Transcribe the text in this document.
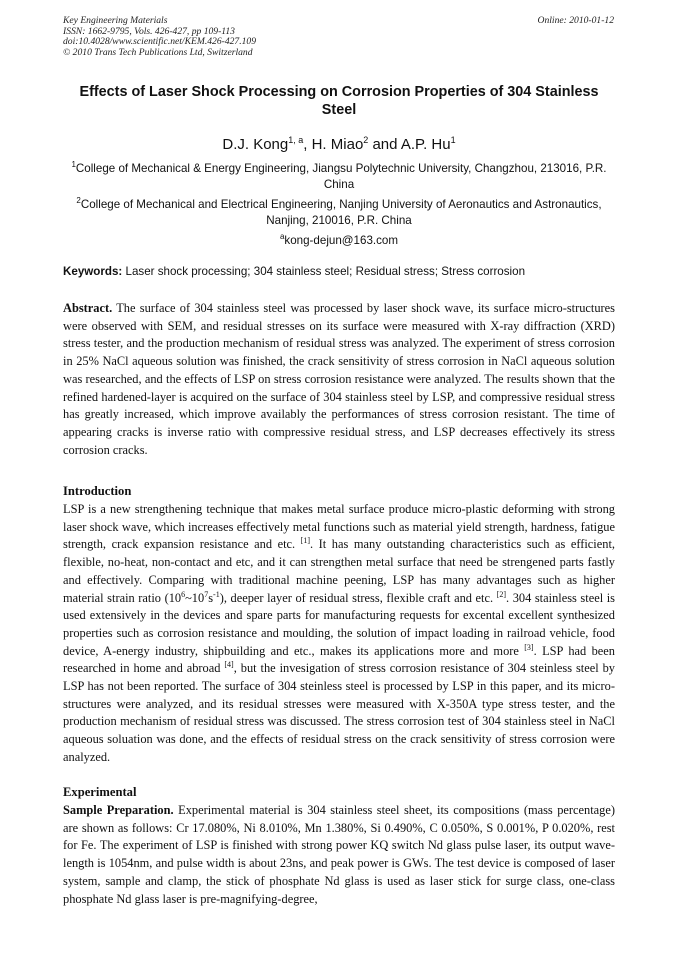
Key Engineering Materials
ISSN: 1662-9795, Vols. 426-427, pp 109-113
doi:10.4028/www.scientific.net/KEM.426-427.109
© 2010 Trans Tech Publications Ltd, Switzerland
Online: 2010-01-12
Effects of Laser Shock Processing on Corrosion Properties of 304 Stainless Steel
D.J. Kong$^{1, a}$, H. Miao$^2$ and A.P. Hu$^1$
$^1$College of Mechanical & Energy Engineering, Jiangsu Polytechnic University, Changzhou, 213016, P.R. China
$^2$College of Mechanical and Electrical Engineering, Nanjing University of Aeronautics and Astronautics, Nanjing, 210016, P.R. China
$^a$kong-dejun@163.com
Keywords: Laser shock processing; 304 stainless steel; Residual stress; Stress corrosion
Abstract. The surface of 304 stainless steel was processed by laser shock wave, its surface micro-structures were observed with SEM, and residual stresses on its surface were measured with X-ray diffraction (XRD) stress tester, and the production mechanism of residual stress was analyzed. The experiment of stress corrosion in 25% NaCl aqueous solution was finished, the crack sensitivity of stress corrosion in NaCl aqueous solution was researched, and the effects of LSP on stress corrosion resistance were analyzed. The results shown that the refined hardened-layer is acquired on the surface of 304 stainless steel by LSP, and compressive residual stress has greatly increased, which improve availably the performances of stress corrosion resistant. The time of appearing cracks is inverse ratio with compressive residual stress, and LSP decreases effectively its stress corrosion cracks.
Introduction
LSP is a new strengthening technique that makes metal surface produce micro-plastic deforming with strong laser shock wave, which increases effectively metal functions such as material yield strength, hardness, fatigue strength, crack expansion resistance and etc. [1]. It has many outstanding characteristics such as efficient, flexible, no-heat, non-contact and etc, and it can strengthen metal surface that need be strengened parts fastly and effectively. Comparing with traditional machine peening, LSP has many advantages such as higher material strain ratio $(10^6\sim 10^7s^{-1})$, deeper layer of residual stress, flexible craft and etc. [2]. 304 stainless steel is used extensively in the devices and spare parts for manufacturing requests for excental excellent synthesized properties such as corrosion resistance and moulding, the solution of impact loading in railroad vehicle, food device, A-energy industry, shipbuilding and etc., makes its applications more and more [3]. LSP had been researched in home and abroad [4], but the invesigation of stress corrosion resistance of 304 steinless steel by LSP has not been reported. The surface of 304 steinless steel is processed by LSP in this paper, and its micro-structures were analyzed, and its residual stresses were measured with X-350A type stress tester, and the production mechanism of residual stress was discussed. The stress corrosion test of 304 stainless steel in NaCl aqueous soluation was done, and the effects of residual stress on the crack sensitivity of stress corrosion were analyzed.
Experimental
Sample Preparation. Experimental material is 304 stainless steel sheet, its compositions (mass percentage) are shown as follows: Cr 17.080%, Ni 8.010%, Mn 1.380%, Si 0.490%, C 0.050%, S 0.001%, P 0.020%, rest for Fe. The experiment of LSP is finished with strong power KQ switch Nd glass pulse laser, its output wave- length is 1054nm, and pulse width is about 23ns, and peak power is GWs. The test device is composed of laser system, sample and clamp, the stick of phosphate Nd glass is used as laser stick for surge class, one-class phosphate Nd glass laser is pre-magnifying-degree,
